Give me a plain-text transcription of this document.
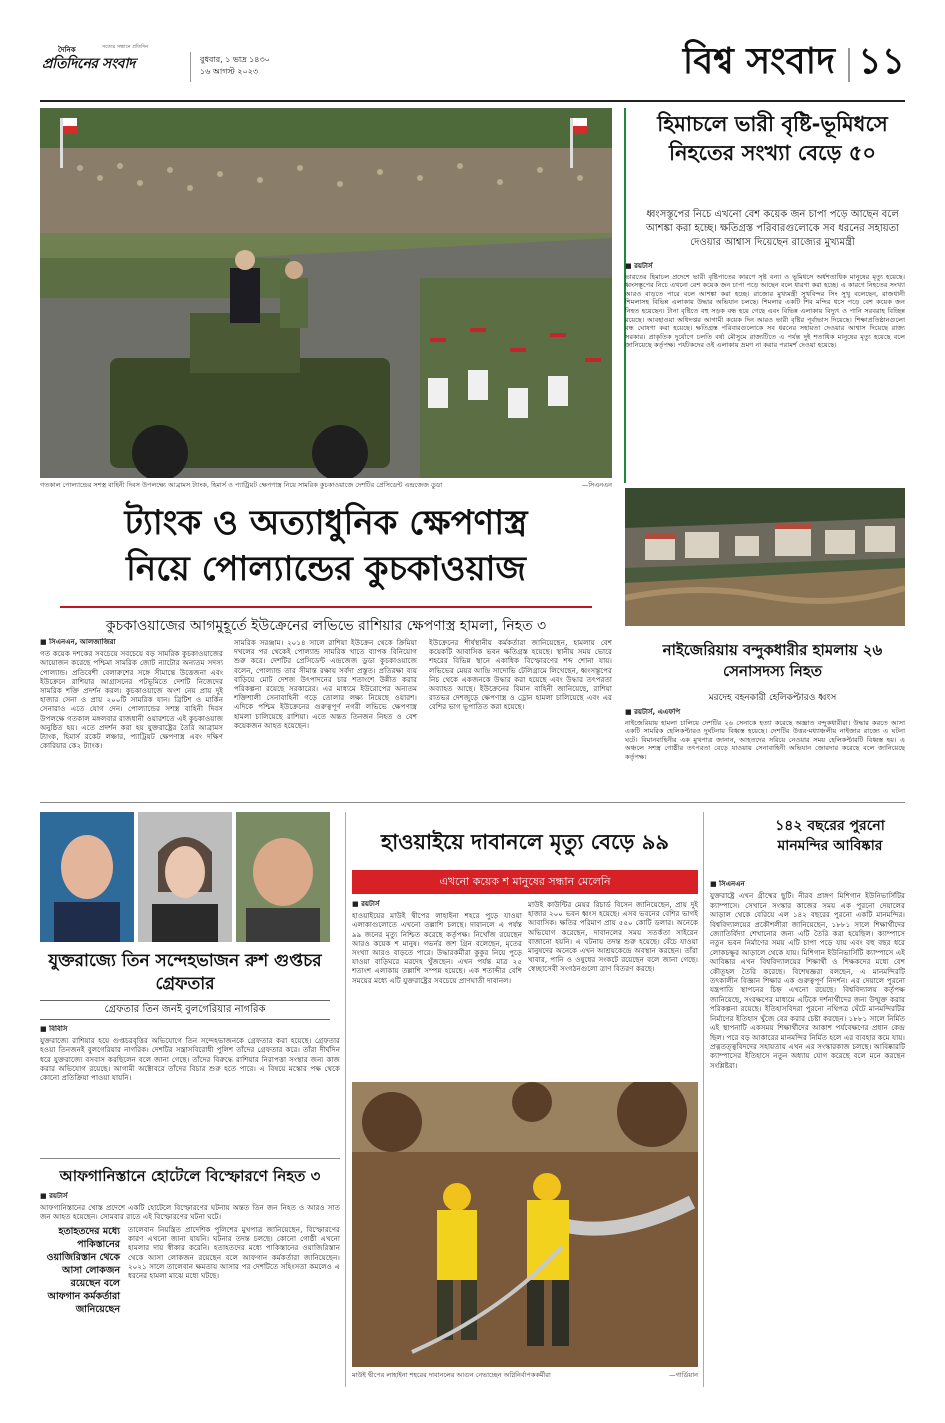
দৈনিক
প্রতিদিনের সংবাদ
সত্যের সন্ধানে প্রতিদিন
বুধবার, ১ ভাদ্র ১৪৩০
১৬ আগস্ট ২০২৩	বিশ্ব সংবাদ ১১
গতকাল পোল্যান্ডের সশস্ত্র বাহিনী দিবস উপলক্ষ্যে আব্রামস ট্যাংক, হিমার্স ও প্যাট্রিয়ট ক্ষেপণাস্ত্র নিয়ে সামরিক কুচকাওয়াজে দেশটির প্রেসিডেন্ট এন্দ্রজেজ ডুডা	—সিএনএন
ট্যাংক ও অত্যাধুনিক ক্ষেপণাস্ত্র
নিয়ে পোল্যান্ডের কুচকাওয়াজ
কুচকাওয়াজের আগমুহূর্তে ইউক্রেনের লভিভে রাশিয়ার ক্ষেপণাস্ত্র হামলা, নিহত ৩
■ সিএনএন, আলজাজিরা
গত কয়েক দশকের সবচেয়ে সবচেয়ে বড় সামরিক কুচকাওয়াজের আয়োজন করেছে পশ্চিমা সামরিক জোট ন্যাটোর অন্যতম সদস্য পোল্যান্ড। প্রতিবেশী বেলারুশের সঙ্গে সীমান্তে উত্তেজনা এবং ইউক্রেনে রাশিয়ার আগ্রাসনের পটভূমিতে দেশটি নিজেদের সামরিক শক্তি প্রদর্শন করল। কুচকাওয়াজে অংশ নেয় প্রায় দুই হাজার সেনা ও প্রায় ২০০টি সামরিক যান। ব্রিটিশ ও মার্কিন সেনারাও এতে যোগ দেন। পোল্যান্ডের সশস্ত্র বাহিনী দিবস উপলক্ষে গতকাল মঙ্গলবার রাজধানী ওয়ারশতে এই কুচকাওয়াজ অনুষ্ঠিত হয়। এতে প্রদর্শন করা হয় যুক্তরাষ্ট্রের তৈরি আব্রামস ট্যাংক, হিমার্স রকেট লঞ্চার, প্যাট্রিয়ট ক্ষেপণাস্ত্র এবং দক্ষিণ কোরিয়ার কে২ ট্যাংক।
সামরিক সরঞ্জাম। ২০১৪ সালে রাশিয়া ইউক্রেন থেকে ক্রিমিয়া দখলের পর থেকেই পোল্যান্ড সামরিক খাতে ব্যাপক বিনিয়োগ শুরু করে। দেশটির প্রেসিডেন্ট এন্দ্রজেজ ডুডা কুচকাওয়াজে বলেন, পোল্যান্ড তার সীমান্ত রক্ষায় সর্বদা প্রস্তুত। প্রতিরক্ষা ব্যয় বাড়িয়ে মোট দেশজ উৎপাদনের চার শতাংশে উন্নীত করার পরিকল্পনা রয়েছে সরকারের। এর মাধ্যমে ইউরোপের অন্যতম শক্তিশালী সেনাবাহিনী গড়ে তোলার লক্ষ্য নিয়েছে ওয়ারশ। এদিকে পশ্চিম ইউক্রেনের গুরুত্বপূর্ণ নগরী লভিভে ক্ষেপণাস্ত্র হামলা চালিয়েছে রাশিয়া। এতে অন্তত তিনজন নিহত ও বেশ কয়েকজন আহত হয়েছেন।
ইউক্রেনের শীর্ষস্থানীয় কর্মকর্তারা জানিয়েছেন, হামলায় বেশ কয়েকটি আবাসিক ভবন ক্ষতিগ্রস্ত হয়েছে। স্থানীয় সময় ভোরে শহরের বিভিন্ন স্থানে একাধিক বিস্ফোরণের শব্দ শোনা যায়। লভিভের মেয়র আন্দ্রি সাদোভি টেলিগ্রামে লিখেছেন, ধ্বংসস্তূপের নিচ থেকে একজনকে উদ্ধার করা হয়েছে এবং উদ্ধার তৎপরতা অব্যাহত আছে। ইউক্রেনের বিমান বাহিনী জানিয়েছে, রাশিয়া রাতভর দেশজুড়ে ক্ষেপণাস্ত্র ও ড্রোন হামলা চালিয়েছে এবং এর বেশির ভাগ ভূপাতিত করা হয়েছে।
হিমাচলে ভারী বৃষ্টি-ভূমিধসে নিহতের সংখ্যা বেড়ে ৫০
ধ্বংসস্তূপের নিচে এখনো বেশ কয়েক জন চাপা পড়ে আছেন বলে আশঙ্কা করা হচ্ছে। ক্ষতিগ্রস্ত পরিবারগুলোকে সব ধরনের সহায়তা দেওয়ার আশ্বাস দিয়েছেন রাজ্যের মুখ্যমন্ত্রী
■ রয়টার্স
ভারতের হিমাচল প্রদেশে ভারী বৃষ্টিপাতের কারণে সৃষ্ট বন্যা ও ভূমিধসে অর্ধশতাধিক মানুষের মৃত্যু হয়েছে। ধ্বংসস্তূপের নিচে এখনো বেশ কয়েক জন চাপা পড়ে আছেন বলে ধারণা করা হচ্ছে। এ কারণে নিহতের সংখ্যা আরও বাড়তে পারে বলে আশঙ্কা করা হচ্ছে। রাজ্যের মুখ্যমন্ত্রী সুখবিন্দর সিং সুখু বলেছেন, রাজধানী শিমলাসহ বিভিন্ন এলাকায় উদ্ধার অভিযান চলছে। শিমলার একটি শিব মন্দির ধসে পড়ে বেশ কয়েক জন নিহত হয়েছেন। টানা বৃষ্টিতে বহু সড়ক বন্ধ হয়ে গেছে এবং বিভিন্ন এলাকায় বিদ্যুৎ ও পানি সরবরাহ বিচ্ছিন্ন রয়েছে। আবহাওয়া অধিদপ্তর আগামী কয়েক দিন আরও ভারী বৃষ্টির পূর্বাভাস দিয়েছে। শিক্ষাপ্রতিষ্ঠানগুলো বন্ধ ঘোষণা করা হয়েছে। ক্ষতিগ্রস্ত পরিবারগুলোকে সব ধরনের সহায়তা দেওয়ার আশ্বাস দিয়েছে রাজ্য সরকার। প্রাকৃতিক দুর্যোগে চলতি বর্ষা মৌসুমে রাজ্যটিতে এ পর্যন্ত দুই শতাধিক মানুষের মৃত্যু হয়েছে বলে জানিয়েছে কর্তৃপক্ষ। পর্যটকদের ওই এলাকায় ভ্রমণ না করার পরামর্শ দেওয়া হয়েছে।
নাইজেরিয়ায় বন্দুকধারীর হামলায় ২৬ সেনাসদস্য নিহত
মরদেহ বহনকারী হেলিকপ্টারও ধ্বংস
■ রয়টার্স, এএফপি
নাইজেরিয়ায় হামলা চালিয়ে দেশটির ২৬ সেনাকে হত্যা করেছে অজ্ঞাত বন্দুকধারীরা। উদ্ধার করতে আসা একটি সামরিক হেলিকপ্টারও দুর্ঘটনায় বিধ্বস্ত হয়েছে। দেশটির উত্তর-মধ্যাঞ্চলীয় নাইজার রাজ্যে এ ঘটনা ঘটে। বিমানবাহিনীর এক মুখপাত্র জানান, আহতদের সরিয়ে নেওয়ার সময় হেলিকপ্টারটি বিধ্বস্ত হয়। এ অঞ্চলে সশস্ত্র গোষ্ঠীর তৎপরতা বেড়ে যাওয়ায় সেনাবাহিনী অভিযান জোরদার করেছে বলে জানিয়েছে কর্তৃপক্ষ।
যুক্তরাজ্যে তিন সন্দেহভাজন রুশ গুপ্তচর গ্রেফতার
গ্রেফতার তিন জনই বুলগেরিয়ার নাগরিক
■ বিবিসি
যুক্তরাজ্যে রাশিয়ার হয়ে গুপ্তচরবৃত্তির অভিযোগে তিন সন্দেহভাজনকে গ্রেফতার করা হয়েছে। গ্রেফতার হওয়া তিনজনই বুলগেরিয়ার নাগরিক। দেশটির সন্ত্রাসবিরোধী পুলিশ তাঁদের গ্রেফতার করে। তাঁরা দীর্ঘদিন ধরে যুক্তরাজ্যে বসবাস করছিলেন বলে জানা গেছে। তাঁদের বিরুদ্ধে রাশিয়ার নিরাপত্তা সংস্থার জন্য কাজ করার অভিযোগ রয়েছে। আগামী অক্টোবরে তাঁদের বিচার শুরু হতে পারে। এ বিষয়ে মস্কোর পক্ষ থেকে কোনো প্রতিক্রিয়া পাওয়া যায়নি।
আফগানিস্তানে হোটেলে বিস্ফোরণে নিহত ৩
■ রয়টার্স
আফগানিস্তানের খোস্ত প্রদেশে একটি হোটেলে বিস্ফোরণের ঘটনায় অন্তত তিন জন নিহত ও আরও সাত জন আহত হয়েছেন। সোমবার রাতে এই বিস্ফোরণের ঘটনা ঘটে।
হতাহতদের মধ্যে পাকিস্তানের ওয়াজিরিস্তান থেকে আসা লোকজন রয়েছেন বলে আফগান কর্মকর্তারা জানিয়েছেন
তালেবান নিয়ন্ত্রিত প্রাদেশিক পুলিশের মুখপাত্র জানিয়েছেন, বিস্ফোরণের কারণ এখনো জানা যায়নি। ঘটনার তদন্ত চলছে। কোনো গোষ্ঠী এখনো হামলার দায় স্বীকার করেনি। হতাহতদের মধ্যে পাকিস্তানের ওয়াজিরিস্তান থেকে আসা লোকজন রয়েছেন বলে আফগান কর্মকর্তারা জানিয়েছেন। ২০২১ সালে তালেবান ক্ষমতায় আসার পর দেশটিতে সহিংসতা কমলেও এ ধরনের হামলা মাঝে মধ্যে ঘটছে।
হাওয়াইয়ে দাবানলে মৃত্যু বেড়ে ৯৯
এখনো কয়েক শ মানুষের সন্ধান মেলেনি
■ রয়টার্স
হাওয়াইয়ের মাউই দ্বীপের লাহাইনা শহরে পুড়ে যাওয়া এলাকাগুলোতে এখনো তল্লাশি চলছে। দাবানলে এ পর্যন্ত ৯৯ জনের মৃত্যু নিশ্চিত করেছে কর্তৃপক্ষ। নিখোঁজ রয়েছেন আরও কয়েক শ মানুষ। গভর্নর জশ গ্রিন বলেছেন, মৃতের সংখ্যা আরও বাড়তে পারে। উদ্ধারকর্মীরা কুকুর নিয়ে পুড়ে যাওয়া বাড়িঘরে মরদেহ খুঁজছেন। এখন পর্যন্ত মাত্র ২৫ শতাংশ এলাকায় তল্লাশি সম্পন্ন হয়েছে। এক শতাব্দীর বেশি সময়ের মধ্যে এটি যুক্তরাষ্ট্রের সবচেয়ে প্রাণঘাতী দাবানল।
মাউই কাউন্টির মেয়র রিচার্ড বিসেন জানিয়েছেন, প্রায় দুই হাজার ২০০ ভবন ধ্বংস হয়েছে। এসব ভবনের বেশির ভাগই আবাসিক। ক্ষতির পরিমাণ প্রায় ৫৫০ কোটি ডলার। অনেকে অভিযোগ করেছেন, দাবানলের সময় সতর্কতা সাইরেন বাজানো হয়নি। এ ঘটনায় তদন্ত শুরু হয়েছে। বেঁচে যাওয়া মানুষদের অনেকে এখন আশ্রয়কেন্দ্রে অবস্থান করছেন। তাঁরা খাবার, পানি ও ওষুধের সংকটে রয়েছেন বলে জানা গেছে। স্বেচ্ছাসেবী সংগঠনগুলো ত্রাণ বিতরণ করছে।
মাউই দ্বীপের লাহাইনা শহরের দাবানলের আগুন নেভাচ্ছেন অগ্নিনির্বাপককর্মীরা	—গার্ডিয়ান
১৪২ বছরের পুরনো মানমন্দির আবিষ্কার
■ সিএনএন
যুক্তরাষ্ট্রে এখন গ্রীষ্মের ছুটি। নীরব প্রাঙ্গণ মিশিগান ইউনিভার্সিটির ক্যাম্পাসে। সেখানে সংস্কার কাজের সময় এক পুরনো দেয়ালের আড়াল থেকে বেরিয়ে এল ১৪২ বছরের পুরনো একটি মানমন্দির। বিশ্ববিদ্যালয়ের প্রকৌশলীরা জানিয়েছেন, ১৮৮১ সালে শিক্ষার্থীদের জ্যোতির্বিদ্যা শেখানোর জন্য এটি তৈরি করা হয়েছিল। ক্যাম্পাসে নতুন ভবন নির্মাণের সময় এটি চাপা পড়ে যায় এবং বহু বছর ধরে লোকচক্ষুর আড়ালে থেকে যায়। মিশিগান ইউনিভার্সিটি ক্যাম্পাসে এই আবিষ্কার এখন বিশ্ববিদ্যালয়ের শিক্ষার্থী ও শিক্ষকদের মধ্যে বেশ কৌতূহল তৈরি করেছে। বিশেষজ্ঞরা বলছেন, এ মানমন্দিরটি তৎকালীন বিজ্ঞান শিক্ষার এক গুরুত্বপূর্ণ নিদর্শন। এর দেয়ালে পুরনো যন্ত্রপাতি স্থাপনের চিহ্ন এখনো রয়েছে। বিশ্ববিদ্যালয় কর্তৃপক্ষ জানিয়েছে, সংরক্ষণের মাধ্যমে এটিকে দর্শনার্থীদের জন্য উন্মুক্ত করার পরিকল্পনা রয়েছে। ইতিহাসবিদরা পুরনো নথিপত্র ঘেঁটে মানমন্দিরটির নির্মাণের ইতিহাস খুঁজে বের করার চেষ্টা করছেন। ১৮৮১ সালে নির্মিত এই স্থাপনাটি একসময় শিক্ষার্থীদের আকাশ পর্যবেক্ষণের প্রধান কেন্দ্র ছিল। পরে বড় আকারের মানমন্দির নির্মিত হলে এর ব্যবহার কমে যায়। প্রত্নতত্ত্ববিদদের সহায়তায় এখন এর সংস্কারকাজ চলছে। আবিষ্কারটি ক্যাম্পাসের ইতিহাসে নতুন অধ্যায় যোগ করেছে বলে মনে করছেন সংশ্লিষ্টরা।
